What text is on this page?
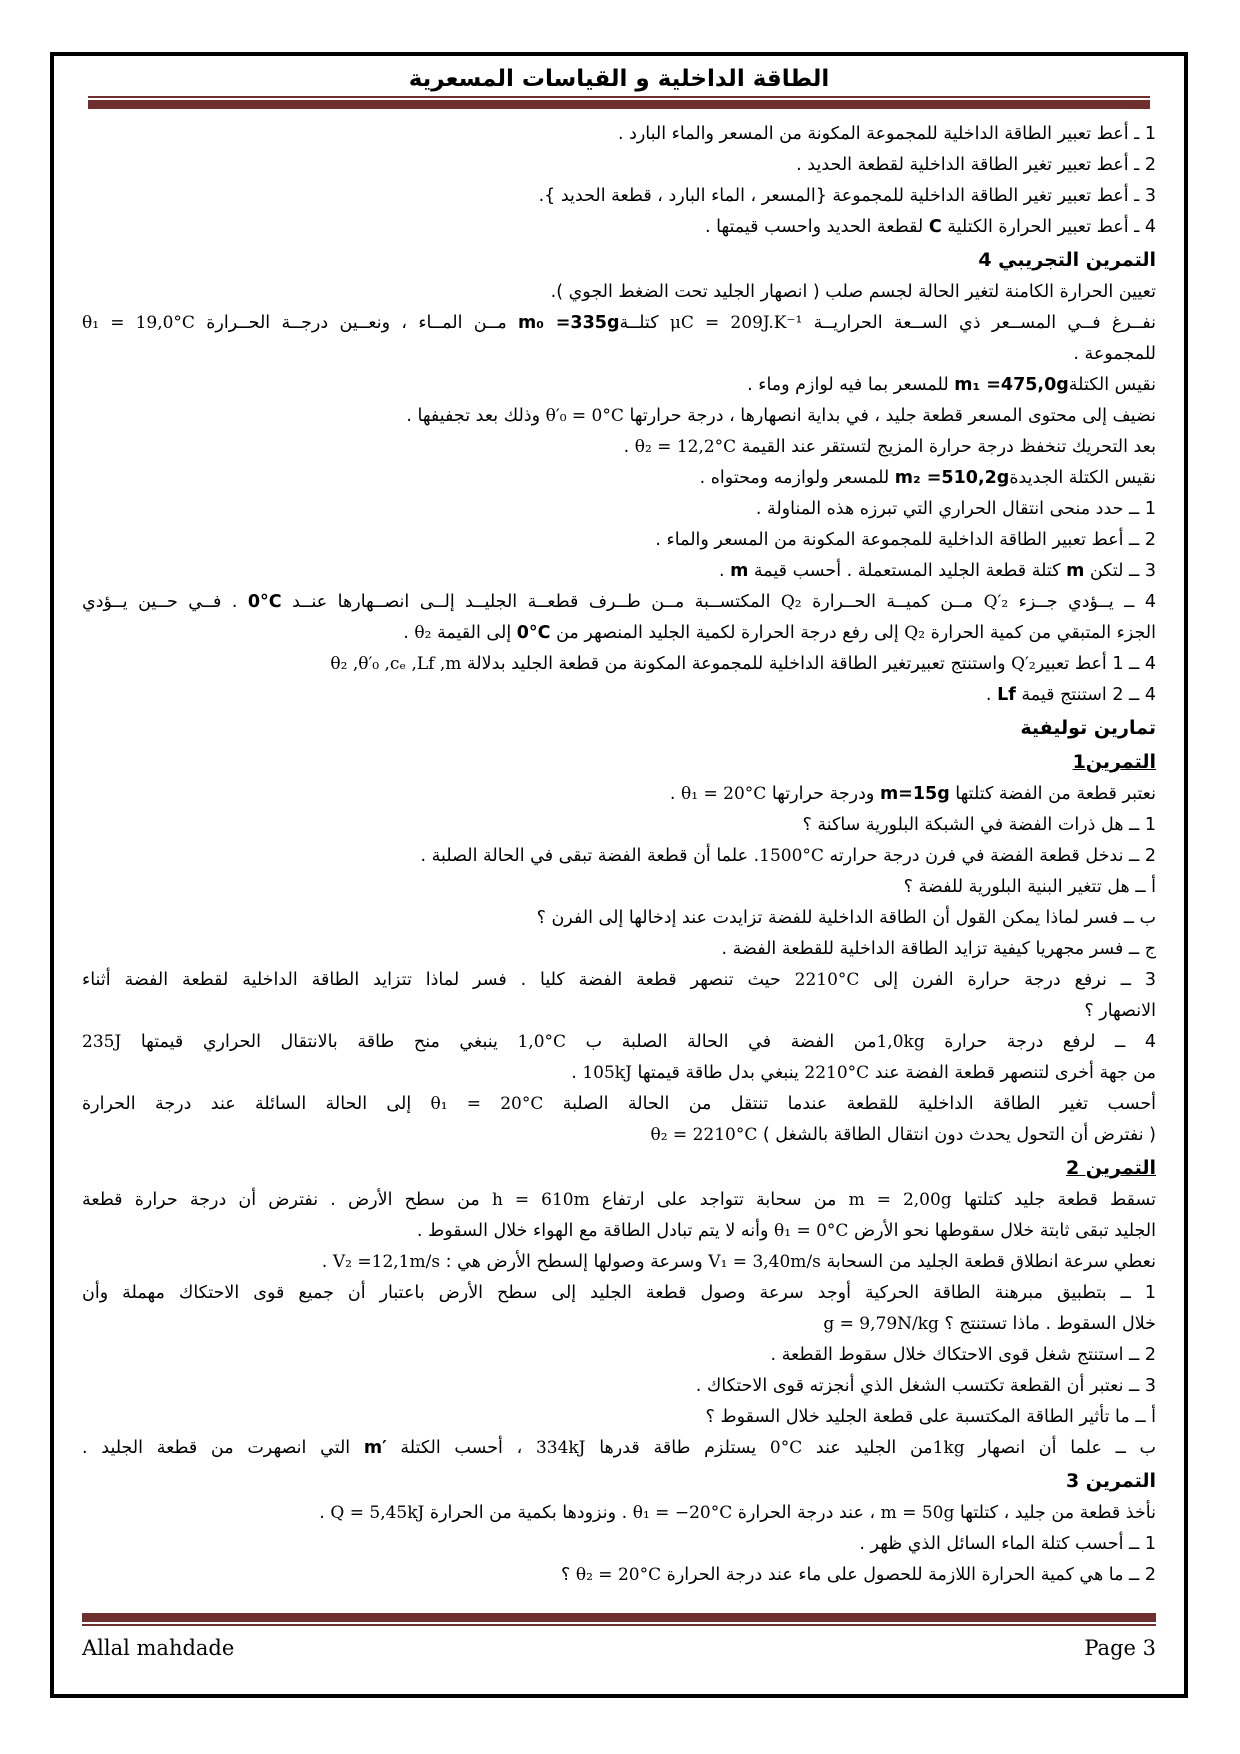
الطاقة الداخلية و القياسات المسعرية
1 ـ أعط تعبير الطاقة الداخلية للمجموعة المكونة من المسعر والماء البارد .
2 ـ أعط تعبير تغير الطاقة الداخلية لقطعة الحديد .
3 ـ أعط تعبير تغير الطاقة الداخلية للمجموعة {المسعر ، الماء البارد ، قطعة الحديد }.
4 ـ أعط تعبير الحرارة الكتلية C لقطعة الحديد واحسب قيمتها .
التمرين التجريبي 4
تعيين الحرارة الكامنة لتغير الحالة لجسم صلب ( انصهار الجليد تحت الضغط الجوي ).
نفــرغ فــي المســعر ذي الســعة الحراريــة μC = 209J.K⁻¹ كتلــةm₀ =335g مــن المــاء ، ونعــين درجــة الحــرارة θ₁ = 19,0°C
للمجموعة .
نقيس الكتلةm₁ =475,0g للمسعر بما فيه لوازم وماء .
نضيف إلى محتوى المسعر قطعة جليد ، في بداية انصهارها ، درجة حرارتها θ′₀ = 0°C وذلك بعد تجفيفها .
بعد التحريك تنخفظ درجة حرارة المزيج لتستقر عند القيمة θ₂ = 12,2°C .
نقيس الكتلة الجديدةm₂ =510,2g للمسعر ولوازمه ومحتواه .
1 ــ حدد منحى انتقال الحراري التي تبرزه هذه المناولة .
2 ــ أعط تعبير الطاقة الداخلية للمجموعة المكونة من المسعر والماء .
3 ــ لتكن m كتلة قطعة الجليد المستعملة . أحسب قيمة m .
4 ــ يــؤدي جــزء Q′₂ مــن كميــة الحــرارة Q₂ المكتســبة مــن طــرف قطعــة الجليــد إلــى انصــهارها عنــد 0°C . فــي حــين يــؤدي
الجزء المتبقي من كمية الحرارة Q₂ إلى رفع درجة الحرارة لكمية الجليد المنصهر من 0°C إلى القيمة θ₂ .
4 ــ 1 أعط تعبيرQ′₂ واستنتج تعبيرتغير الطاقة الداخلية للمجموعة المكونة من قطعة الجليد بدلالة θ₂ ,θ′₀ ,cₑ ,Lf ,m
4 ــ 2 استنتج قيمة Lf .
تمارين توليفية
التمرين1
نعتبر قطعة من الفضة كتلتها m=15g ودرجة حرارتها θ₁ = 20°C .
1 ــ هل ذرات الفضة في الشبكة البلورية ساكنة ؟
2 ــ ندخل قطعة الفضة في فرن درجة حرارته 1500°C. علما أن قطعة الفضة تبقى في الحالة الصلبة .
أ ــ هل تتغير البنية البلورية للفضة ؟
ب ــ فسر لماذا يمكن القول أن الطاقة الداخلية للفضة تزايدت عند إدخالها إلى الفرن ؟
ج ــ فسر مجهريا كيفية تزايد الطاقة الداخلية للقطعة الفضة .
3 ــ نرفع درجة حرارة الفرن إلى 2210°C حيث تنصهر قطعة الفضة كليا . فسر لماذا تتزايد الطاقة الداخلية لقطعة الفضة أثناء
الانصهار ؟
4 ــ لرفع درجة حرارة 1,0kgمن الفضة في الحالة الصلبة ب 1,0°C ينبغي منح طاقة بالانتقال الحراري قيمتها 235J
من جهة أخرى لتنصهر قطعة الفضة عند 2210°C ينبغي بدل طاقة قيمتها 105kJ .
أحسب تغير الطاقة الداخلية للقطعة عندما تنتقل من الحالة الصلبة θ₁ = 20°C إلى الحالة السائلة عند درجة الحرارة
( نفترض أن التحول يحدث دون انتقال الطاقة بالشغل ) θ₂ = 2210°C
التمرين 2
تسقط قطعة جليد كتلتها m = 2,00g من سحابة تتواجد على ارتفاع h = 610m من سطح الأرض . نفترض أن درجة حرارة قطعة
الجليد تبقى ثابتة خلال سقوطها نحو الأرض θ₁ = 0°C وأنه لا يتم تبادل الطاقة مع الهواء خلال السقوط .
نعطي سرعة انطلاق قطعة الجليد من السحابة V₁ = 3,40m/s وسرعة وصولها إلسطح الأرض هي : V₂ =12,1m/s .
1 ــ بتطبيق مبرهنة الطاقة الحركية أوجد سرعة وصول قطعة الجليد إلى سطح الأرض باعتبار أن جميع قوى الاحتكاك مهملة وأن
خلال السقوط . ماذا تستنتج ؟ g = 9,79N/kg
2 ــ استنتج شغل قوى الاحتكاك خلال سقوط القطعة .
3 ــ نعتبر أن القطعة تكتسب الشغل الذي أنجزته قوى الاحتكاك .
أ ــ ما تأثير الطاقة المكتسبة على قطعة الجليد خلال السقوط ؟
ب ــ علما أن انصهار 1kgمن الجليد عند 0°C يستلزم طاقة قدرها 334kJ ، أحسب الكتلة m′ التي انصهرت من قطعة الجليد .
التمرين 3
نأخذ قطعة من جليد ، كتلتها m = 50g ، عند درجة الحرارة θ₁ = −20°C . ونزودها بكمية من الحرارة Q = 5,45kJ .
1 ــ أحسب كتلة الماء السائل الذي ظهر .
2 ــ ما هي كمية الحرارة اللازمة للحصول على ماء عند درجة الحرارة θ₂ = 20°C ؟
Allal mahdade	Page 3
